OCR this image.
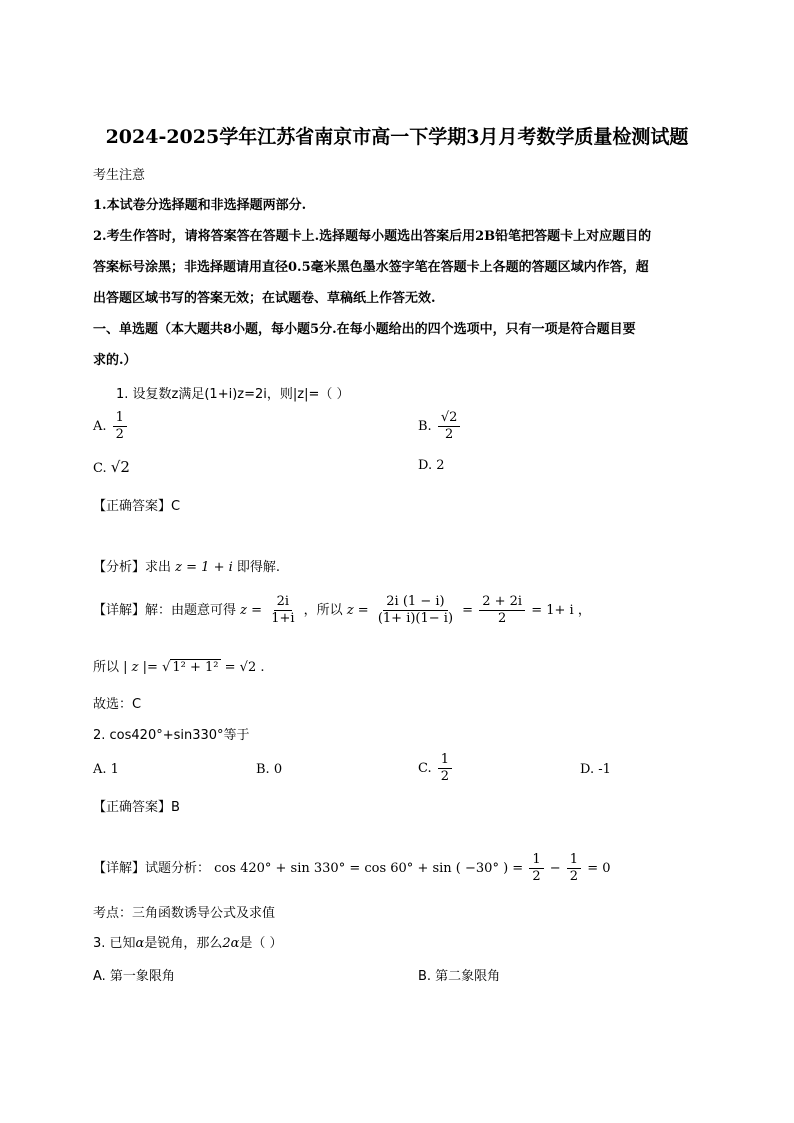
2024-2025学年江苏省南京市高一下学期3月月考数学质量检测试题
考生注意
1.本试卷分选择题和非选择题两部分.
2.考生作答时，请将答案答在答题卡上.选择题每小题选出答案后用2B铅笔把答题卡上对应题目的
答案标号涂黑；非选择题请用直径0.5毫米黑色墨水签字笔在答题卡上各题的答题区域内作答，超
出答题区域书写的答案无效；在试题卷、草稿纸上作答无效.
一、单选题（本大题共8小题，每小题5分.在每小题给出的四个选项中，只有一项是符合题目要
求的.）
1. 设复数z满足(1+i)z=2i，则|z|=（ ）
A. $\frac{1}{2}$	B. $\frac{√2}{2}$
C. √2	D. 2
【正确答案】C
【分析】求出 z = 1 + i 即得解.
【详解】解：由题意可得 $z = \frac{2i}{1+i}$ ，所以 $z = \frac{2i (1 - i)}{(1+ i)(1- i)} = \frac{2 + 2i}{2} = 1+ i$ ，
所以 | z |= √ 1² + 1² = √2 .
故选：C
2. cos420°+sin330°等于
A. 1	B. 0	C. $\frac{1}{2}$	D. -1
【正确答案】B
【详解】试题分析： cos 420° + sin 330° = cos 60° + sin ( −30° ) = $\frac{1}{2} - \frac{1}{2} = 0$
考点：三角函数诱导公式及求值
3. 已知α是锐角，那么2α是（ ）
A. 第一象限角	B. 第二象限角
